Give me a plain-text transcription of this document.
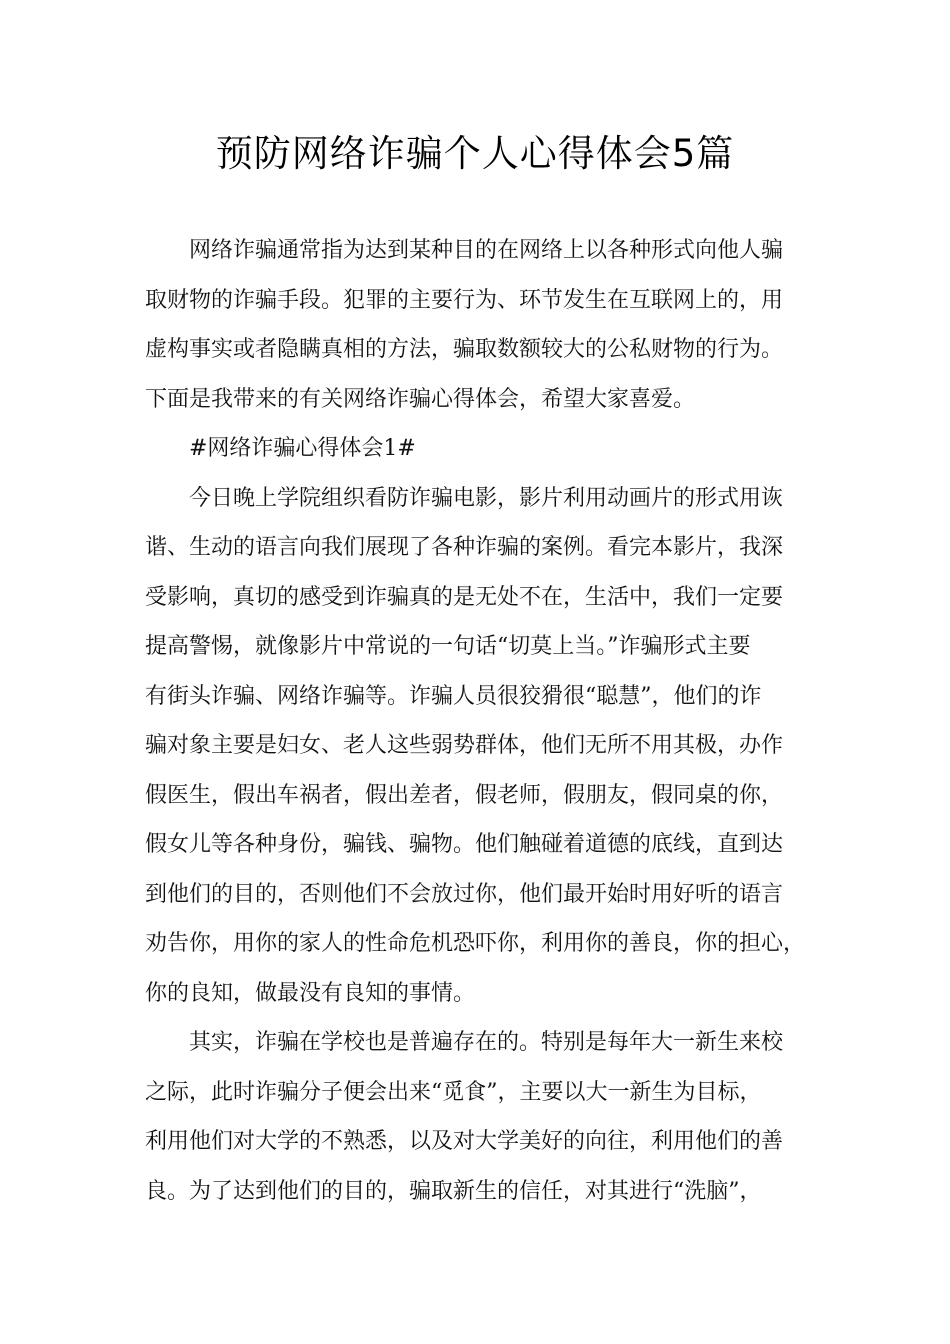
预防网络诈骗个人心得体会5篇
网络诈骗通常指为达到某种目的在网络上以各种形式向他人骗
取财物的诈骗手段。犯罪的主要行为、环节发生在互联网上的，用
虚构事实或者隐瞒真相的方法，骗取数额较大的公私财物的行为。
下面是我带来的有关网络诈骗心得体会，希望大家喜爱。
#网络诈骗心得体会1#
今日晚上学院组织看防诈骗电影，影片利用动画片的形式用诙
谐、生动的语言向我们展现了各种诈骗的案例。看完本影片，我深
受影响，真切的感受到诈骗真的是无处不在，生活中，我们一定要
提高警惕，就像影片中常说的一句话“切莫上当。”诈骗形式主要
有街头诈骗、网络诈骗等。诈骗人员很狡猾很“聪慧”，他们的诈
骗对象主要是妇女、老人这些弱势群体，他们无所不用其极，办作
假医生，假出车祸者，假出差者，假老师，假朋友，假同桌的你，
假女儿等各种身份，骗钱、骗物。他们触碰着道德的底线，直到达
到他们的目的，否则他们不会放过你，他们最开始时用好听的语言
劝告你，用你的家人的性命危机恐吓你，利用你的善良，你的担心，
你的良知，做最没有良知的事情。
其实，诈骗在学校也是普遍存在的。特别是每年大一新生来校
之际，此时诈骗分子便会出来“觅食”，主要以大一新生为目标，
利用他们对大学的不熟悉，以及对大学美好的向往，利用他们的善
良。为了达到他们的目的，骗取新生的信任，对其进行“洗脑”，
